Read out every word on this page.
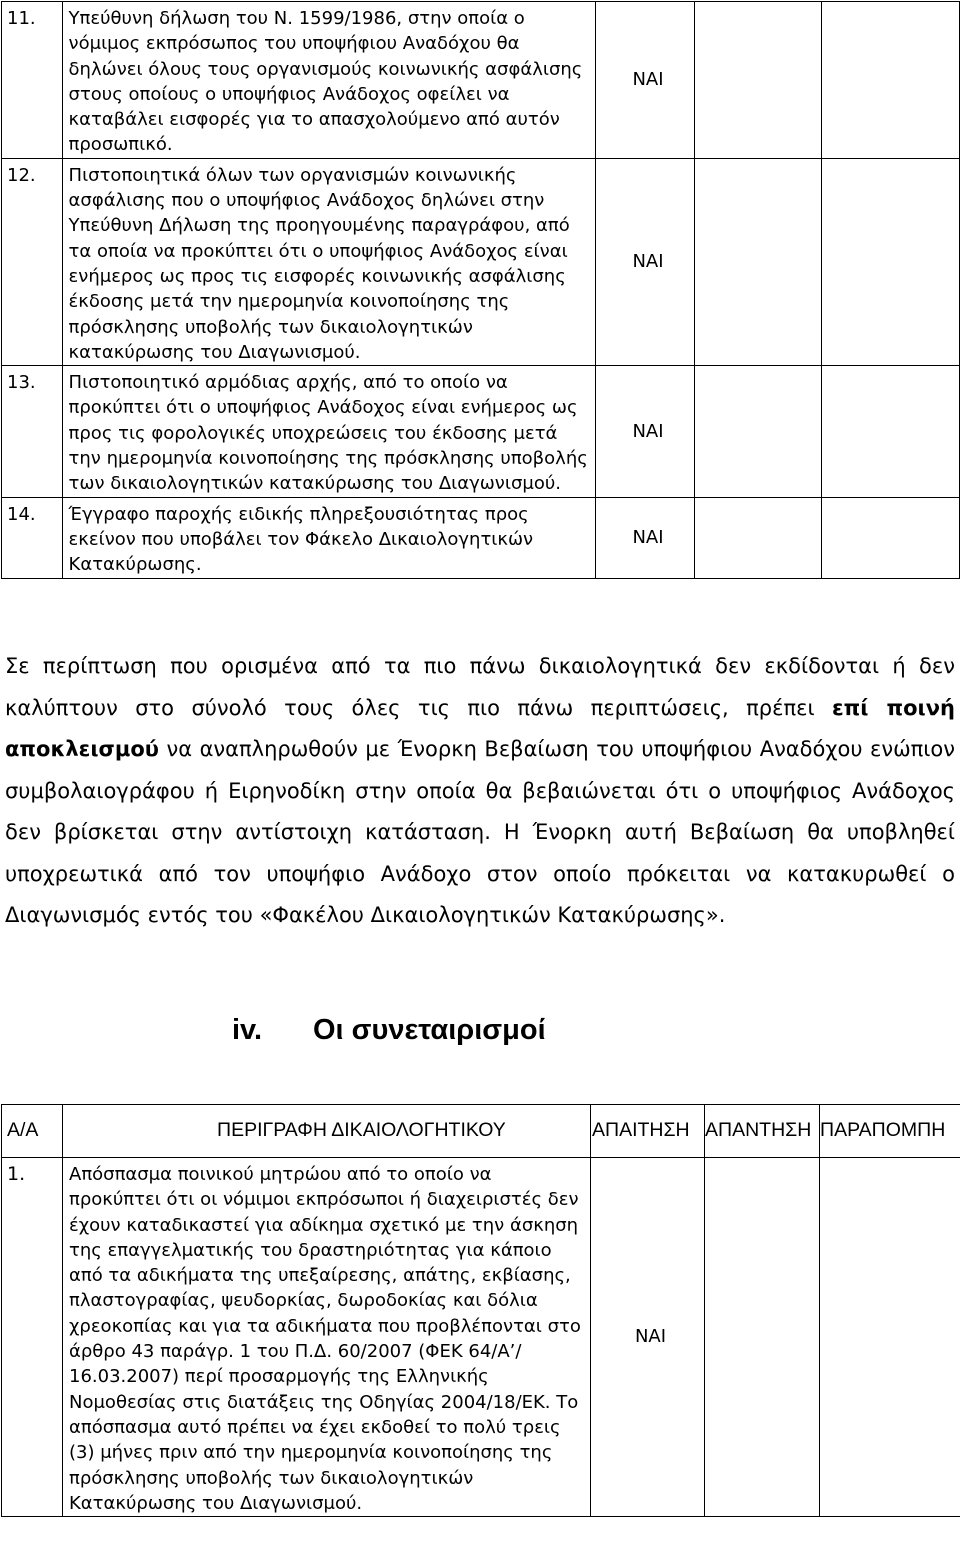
11.	Υπεύθυνη δήλωση του Ν. 1599/1986, στην οποία ο νόμιμος εκπρόσωπος του υποψήφιου Αναδόχου θα δηλώνει όλους τους οργανισμούς κοινωνικής ασφάλισης στους οποίους ο υποψήφιος Ανάδοχος οφείλει να καταβάλει εισφορές για το απασχολούμενο από αυτόν προσωπικό.	ΝΑΙ		
12.	Πιστοποιητικά όλων των οργανισμών κοινωνικής ασφάλισης που ο υποψήφιος Ανάδοχος δηλώνει στην Υπεύθυνη Δήλωση της προηγουμένης παραγράφου, από τα οποία να προκύπτει ότι ο υποψήφιος Ανάδοχος είναι ενήμερος ως προς τις εισφορές κοινωνικής ασφάλισης έκδοσης μετά την ημερομηνία κοινοποίησης της πρόσκλησης υποβολής των δικαιολογητικών κατακύρωσης του Διαγωνισμού.	ΝΑΙ		
13.	Πιστοποιητικό αρμόδιας αρχής, από το οποίο να προκύπτει ότι ο υποψήφιος Ανάδοχος είναι ενήμερος ως προς τις φορολογικές υποχρεώσεις του έκδοσης μετά την ημερομηνία κοινοποίησης της πρόσκλησης υποβολής των δικαιολογητικών κατακύρωσης του Διαγωνισμού.	ΝΑΙ		
14.	Έγγραφο παροχής ειδικής πληρεξουσιότητας προς εκείνον που υποβάλει τον Φάκελο Δικαιολογητικών Κατακύρωσης.	ΝΑΙ		

Σε περίπτωση που ορισμένα από τα πιο πάνω δικαιολογητικά δεν εκδίδονται ή δεν καλύπτουν στο σύνολό τους όλες τις πιο πάνω περιπτώσεις, πρέπει επί ποινή αποκλεισμού να αναπληρωθούν με Ένορκη Βεβαίωση του υποψήφιου Αναδόχου ενώπιον συμβολαιογράφου ή Ειρηνοδίκη στην οποία θα βεβαιώνεται ότι ο υποψήφιος Ανάδοχος δεν βρίσκεται στην αντίστοιχη κατάσταση. Η Ένορκη αυτή Βεβαίωση θα υποβληθεί υποχρεωτικά από τον υποψήφιο Ανάδοχο στον οποίο πρόκειται να κατακυρωθεί ο Διαγωνισμός εντός του «Φακέλου Δικαιολογητικών Κατακύρωσης».

iv. Οι συνεταιρισμοί
Α/Α	ΠΕΡΙΓΡΑΦΗ ΔΙΚΑΙΟΛΟΓΗΤΙΚΟΥ	ΑΠΑΙΤΗΣΗ	ΑΠΑΝΤΗΣΗ	ΠΑΡΑΠΟΜΠΗ
1.	Απόσπασμα ποινικού μητρώου από το οποίο να προκύπτει ότι οι νόμιμοι εκπρόσωποι ή διαχειριστές δεν έχουν καταδικαστεί για αδίκημα σχετικό με την άσκηση της επαγγελματικής του δραστηριότητας για κάποιο από τα αδικήματα της υπεξαίρεσης, απάτης, εκβίασης, πλαστογραφίας, ψευδορκίας, δωροδοκίας και δόλια χρεοκοπίας και για τα αδικήματα που προβλέπονται στο άρθρο 43 παράγρ. 1 του Π.Δ. 60/2007 (ΦΕΚ 64/Α’/ 16.03.2007) περί προσαρμογής της Ελληνικής Νομοθεσίας στις διατάξεις της Οδηγίας 2004/18/ΕΚ. Το απόσπασμα αυτό πρέπει να έχει εκδοθεί το πολύ τρεις (3) μήνες πριν από την ημερομηνία κοινοποίησης της πρόσκλησης υποβολής των δικαιολογητικών Κατακύρωσης του Διαγωνισμού.	ΝΑΙ		
